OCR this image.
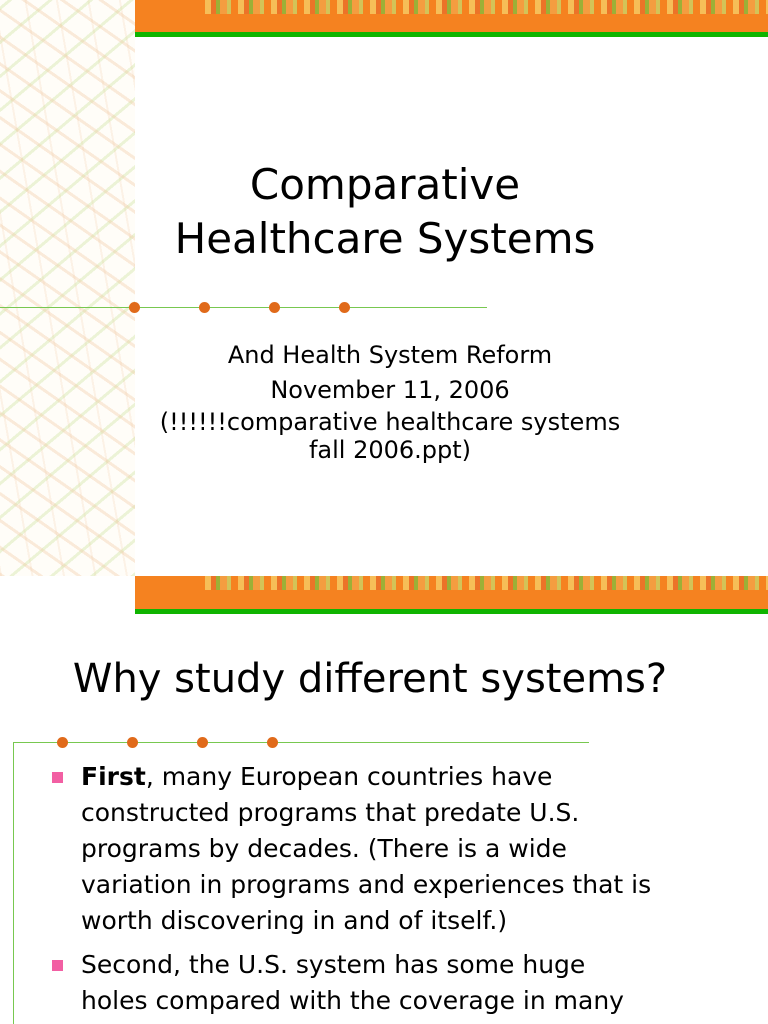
Comparative Healthcare Systems
And Health System Reform
November 11, 2006
(!!!!!!comparative healthcare systems
fall 2006.ppt)
Why study different systems?
First, many European countries have
constructed programs that predate U.S.
programs by decades. (There is a wide
variation in programs and experiences that is
worth discovering in and of itself.)
Second, the U.S. system has some huge
holes compared with the coverage in many
